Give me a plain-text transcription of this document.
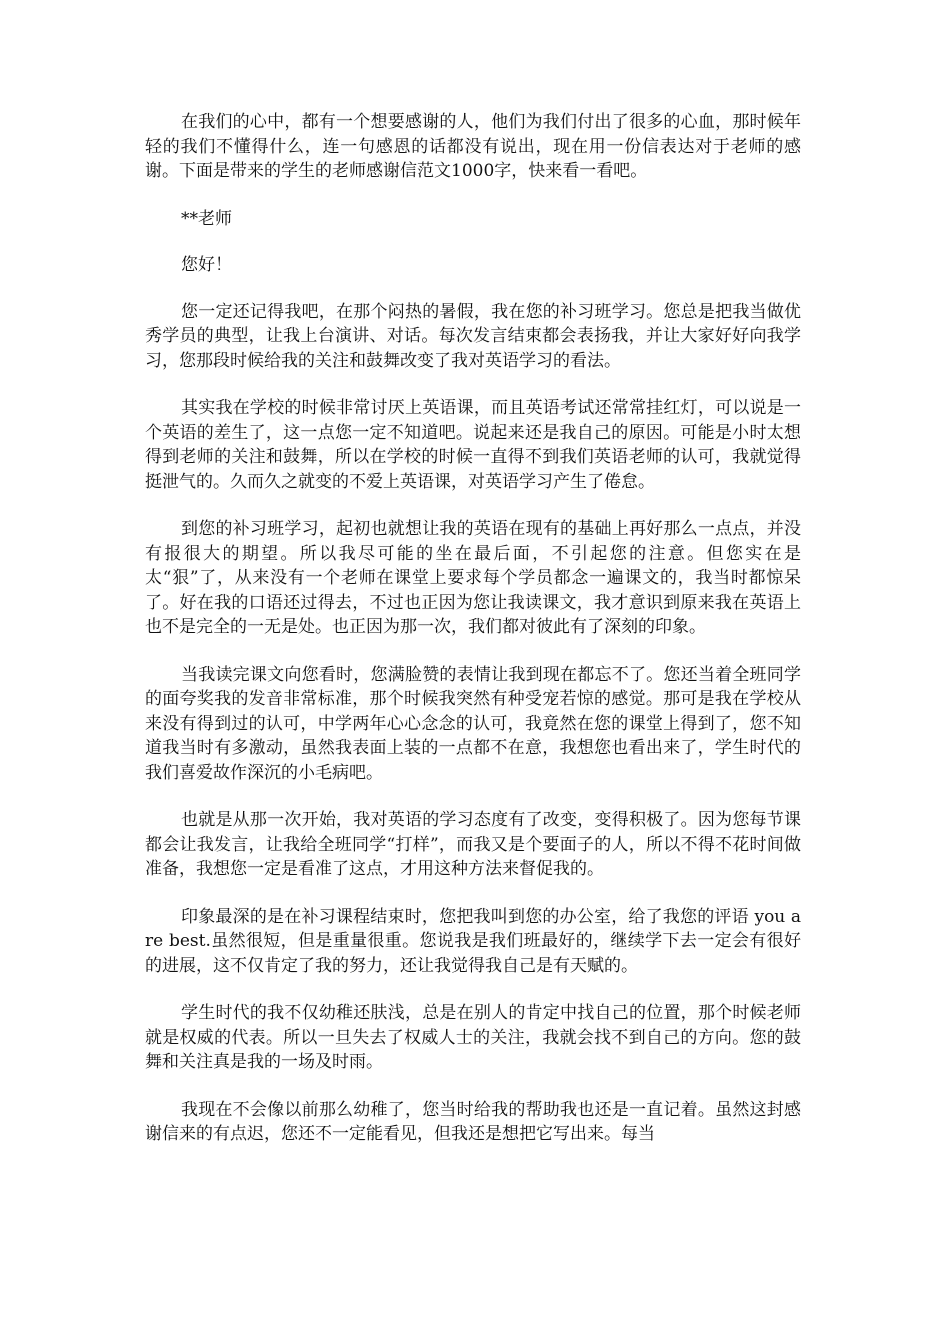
在我们的心中，都有一个想要感谢的人，他们为我们付出了很多的心血，那时候年轻的我们不懂得什么，连一句感恩的话都没有说出，现在用一份信表达对于老师的感谢。下面是带来的学生的老师感谢信范文1000字，快来看一看吧。

**老师

您好！

您一定还记得我吧，在那个闷热的暑假，我在您的补习班学习。您总是把我当做优秀学员的典型，让我上台演讲、对话。每次发言结束都会表扬我，并让大家好好向我学习，您那段时候给我的关注和鼓舞改变了我对英语学习的看法。

其实我在学校的时候非常讨厌上英语课，而且英语考试还常常挂红灯，可以说是一个英语的差生了，这一点您一定不知道吧。说起来还是我自己的原因。可能是小时太想得到老师的关注和鼓舞，所以在学校的时候一直得不到我们英语老师的认可，我就觉得挺泄气的。久而久之就变的不爱上英语课，对英语学习产生了倦怠。

到您的补习班学习，起初也就想让我的英语在现有的基础上再好那么一点点，并没有报很大的期望。所以我尽可能的坐在最后面，不引起您的注意。但您实在是太“狠”了，从来没有一个老师在课堂上要求每个学员都念一遍课文的，我当时都惊呆了。好在我的口语还过得去，不过也正因为您让我读课文，我才意识到原来我在英语上也不是完全的一无是处。也正因为那一次，我们都对彼此有了深刻的印象。

当我读完课文向您看时，您满脸赞的表情让我到现在都忘不了。您还当着全班同学的面夸奖我的发音非常标准，那个时候我突然有种受宠若惊的感觉。那可是我在学校从来没有得到过的认可，中学两年心心念念的认可，我竟然在您的课堂上得到了，您不知道我当时有多激动，虽然我表面上装的一点都不在意，我想您也看出来了，学生时代的我们喜爱故作深沉的小毛病吧。

也就是从那一次开始，我对英语的学习态度有了改变，变得积极了。因为您每节课都会让我发言，让我给全班同学“打样”，而我又是个要面子的人，所以不得不花时间做准备，我想您一定是看准了这点，才用这种方法来督促我的。

印象最深的是在补习课程结束时，您把我叫到您的办公室，给了我您的评语 you are best.虽然很短，但是重量很重。您说我是我们班最好的，继续学下去一定会有很好的进展，这不仅肯定了我的努力，还让我觉得我自己是有天赋的。

学生时代的我不仅幼稚还肤浅，总是在别人的肯定中找自己的位置，那个时候老师就是权威的代表。所以一旦失去了权威人士的关注，我就会找不到自己的方向。您的鼓舞和关注真是我的一场及时雨。

我现在不会像以前那么幼稚了，您当时给我的帮助我也还是一直记着。虽然这封感谢信来的有点迟，您还不一定能看见，但我还是想把它写出来。每当
